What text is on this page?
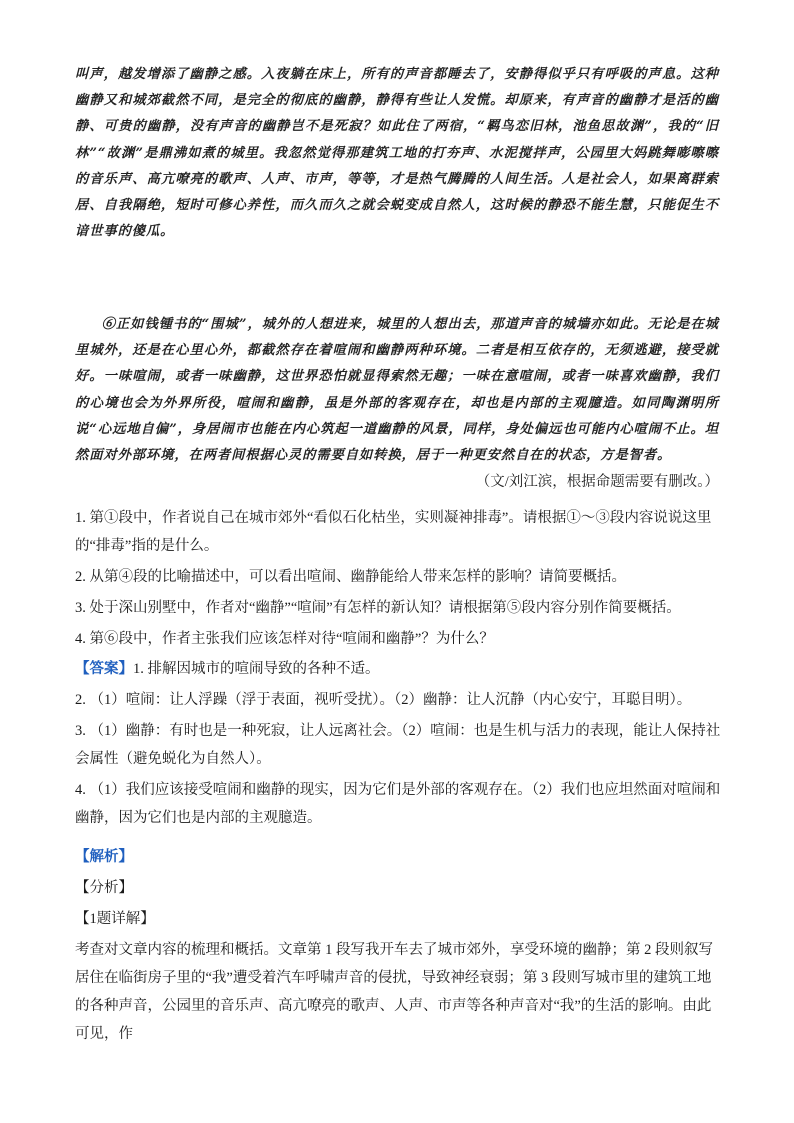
叫声，越发增添了幽静之感。入夜躺在床上，所有的声音都睡去了，安静得似乎只有呼吸的声息。这种幽静又和城郊截然不同，是完全的彻底的幽静，静得有些让人发慌。却原来，有声音的幽静才是活的幽静、可贵的幽静，没有声音的幽静岂不是死寂？如此住了两宿，“羁鸟恋旧林，池鱼思故渊”，我的“旧林”“故渊”是鼎沸如煮的城里。我忽然觉得那建筑工地的打夯声、水泥搅拌声，公园里大妈跳舞嘭嚓嚓的音乐声、高亢嘹亮的歌声、人声、市声，等等，才是热气腾腾的人间生活。人是社会人，如果离群索居、自我隔绝，短时可修心养性，而久而久之就会蜕变成自然人，这时候的静恐不能生慧，只能促生不谙世事的傻瓜。
⑥正如钱锺书的“围城”，城外的人想进来，城里的人想出去，那道声音的城墙亦如此。无论是在城里城外，还是在心里心外，都截然存在着喧闹和幽静两种环境。二者是相互依存的，无须逃避，接受就好。一味喧闹，或者一味幽静，这世界恐怕就显得索然无趣；一味在意喧闹，或者一味喜欢幽静，我们的心境也会为外界所役，喧闹和幽静，虽是外部的客观存在，却也是内部的主观臆造。如同陶渊明所说“心远地自偏”，身居闹市也能在内心筑起一道幽静的风景，同样，身处偏远也可能内心喧闹不止。坦然面对外部环境，在两者间根据心灵的需要自如转换，居于一种更安然自在的状态，方是智者。
（文/刘江滨，根据命题需要有删改。）

1. 第①段中，作者说自己在城市郊外“看似石化枯坐，实则凝神排毒”。请根据①～③段内容说说这里的“排毒”指的是什么。

2. 从第④段的比喻描述中，可以看出喧闹、幽静能给人带来怎样的影响？请简要概括。

3. 处于深山别墅中，作者对“幽静”“喧闹”有怎样的新认知？请根据第⑤段内容分别作简要概括。

4. 第⑥段中，作者主张我们应该怎样对待“喧闹和幽静”？为什么？

【答案】1. 排解因城市的喧闹导致的各种不适。

2. （1）喧闹：让人浮躁（浮于表面，视听受扰）。（2）幽静：让人沉静（内心安宁，耳聪目明）。

3. （1）幽静：有时也是一种死寂，让人远离社会。（2）喧闹：也是生机与活力的表现，能让人保持社会属性（避免蜕化为自然人）。

4. （1）我们应该接受喧闹和幽静的现实，因为它们是外部的客观存在。（2）我们也应坦然面对喧闹和幽静，因为它们也是内部的主观臆造。

【解析】

【分析】

【1题详解】

考查对文章内容的梳理和概括。文章第 1 段写我开车去了城市郊外，享受环境的幽静；第 2 段则叙写居住在临街房子里的“我”遭受着汽车呼啸声音的侵扰，导致神经衰弱；第 3 段则写城市里的建筑工地的各种声音，公园里的音乐声、高亢嘹亮的歌声、人声、市声等各种声音对“我”的生活的影响。由此可见，作
